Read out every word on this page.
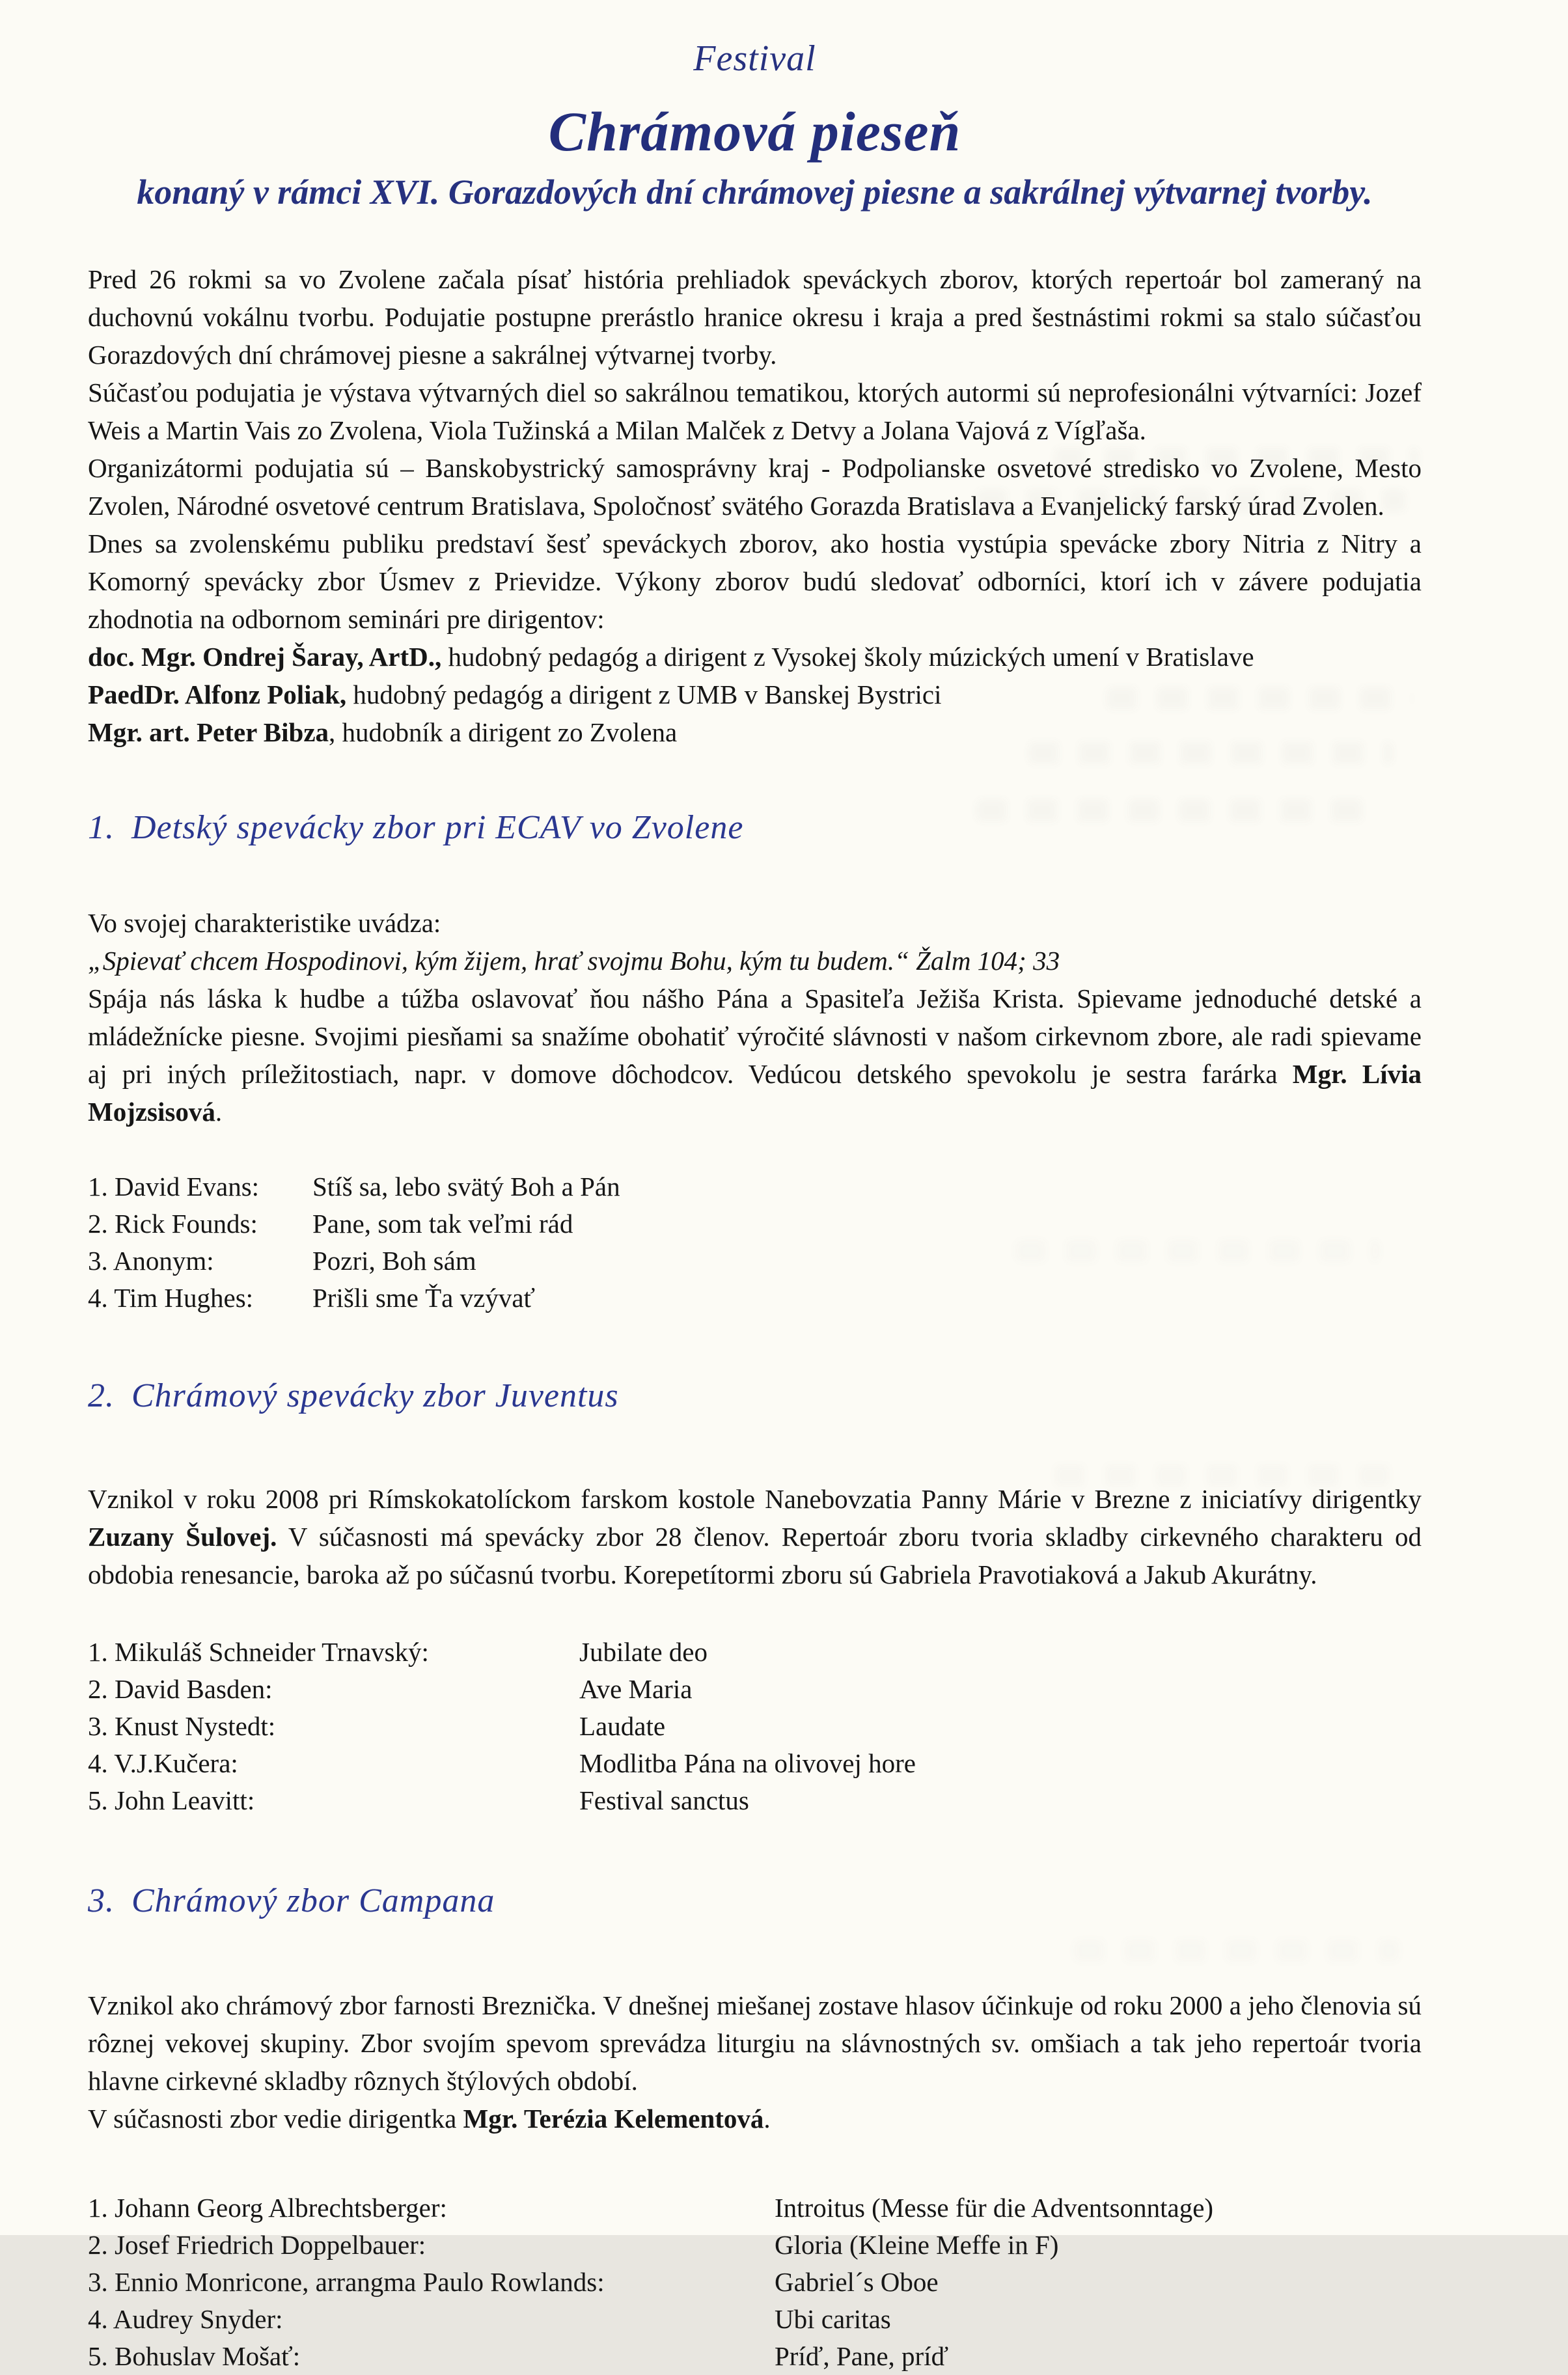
Festival
Chrámová pieseň
konaný v rámci XVI. Gorazdových dní chrámovej piesne a sakrálnej výtvarnej tvorby.

Pred 26 rokmi sa vo Zvolene začala písať história prehliadok speváckych zborov, ktorých repertoár bol zameraný na duchovnú vokálnu tvorbu. Podujatie postupne prerástlo hranice okresu i kraja a pred šestnástimi rokmi sa stalo súčasťou Gorazdových dní chrámovej piesne a sakrálnej výtvarnej tvorby.

Súčasťou podujatia je výstava výtvarných diel so sakrálnou tematikou, ktorých autormi sú neprofesionálni výtvarníci: Jozef Weis a Martin Vais zo Zvolena, Viola Tužinská a Milan Malček z Detvy a Jolana Vajová z Vígľaša.

Organizátormi podujatia sú – Banskobystrický samosprávny kraj - Podpolianske osvetové stredisko vo Zvolene, Mesto Zvolen, Národné osvetové centrum Bratislava, Spoločnosť svätého Gorazda Bratislava a Evanjelický farský úrad Zvolen.

Dnes sa zvolenskému publiku predstaví šesť speváckych zborov, ako hostia vystúpia spevácke zbory Nitria z Nitry a Komorný spevácky zbor Úsmev z Prievidze. Výkony zborov budú sledovať odborníci, ktorí ich v závere podujatia zhodnotia na odbornom seminári pre dirigentov:

doc. Mgr. Ondrej Šaray, ArtD., hudobný pedagóg a dirigent z Vysokej školy múzických umení v Bratislave

PaedDr. Alfonz Poliak, hudobný pedagóg a dirigent z UMB v Banskej Bystrici

Mgr. art. Peter Bibza, hudobník a dirigent zo Zvolena

1. Detský spevácky zbor pri ECAV vo Zvolene

Vo svojej charakteristike uvádza:

„Spievať chcem Hospodinovi, kým žijem, hrať svojmu Bohu, kým tu budem.“ Žalm 104; 33

Spája nás láska k hudbe a túžba oslavovať ňou nášho Pána a Spasiteľa Ježiša Krista. Spievame jednoduché detské a mládežnícke piesne. Svojimi piesňami sa snažíme obohatiť výročité slávnosti v našom cirkevnom zbore, ale radi spievame aj pri iných príležitostiach, napr. v domove dôchodcov. Vedúcou detského spevokolu je sestra farárka Mgr. Lívia Mojzsisová.

1. David Evans:	Stíš sa, lebo svätý Boh a Pán
2. Rick Founds:	Pane, som tak veľmi rád
3. Anonym:	Pozri, Boh sám
4. Tim Hughes:	Prišli sme Ťa vzývať
2. Chrámový spevácky zbor Juventus

Vznikol v roku 2008 pri Rímskokatolíckom farskom kostole Nanebovzatia Panny Márie v Brezne z iniciatívy dirigentky Zuzany Šulovej. V súčasnosti má spevácky zbor 28 členov. Repertoár zboru tvoria skladby cirkevného charakteru od obdobia renesancie, baroka až po súčasnú tvorbu. Korepetítormi zboru sú Gabriela Pravotiaková a Jakub Akurátny.

1. Mikuláš Schneider Trnavský:	Jubilate deo
2. David Basden:	Ave Maria
3. Knust Nystedt:	Laudate
4. V.J.Kučera:	Modlitba Pána na olivovej hore
5. John Leavitt:	Festival sanctus
3. Chrámový zbor Campana

Vznikol ako chrámový zbor farnosti Breznička. V dnešnej miešanej zostave hlasov účinkuje od roku 2000 a jeho členovia sú rôznej vekovej skupiny. Zbor svojím spevom sprevádza liturgiu na slávnostných sv. omšiach a tak jeho repertoár tvoria hlavne cirkevné skladby rôznych štýlových období.

V súčasnosti zbor vedie dirigentka Mgr. Terézia Kelementová.

1. Johann Georg Albrechtsberger:	Introitus (Messe für die Adventsonntage)
2. Josef Friedrich Doppelbauer:	Gloria (Kleine Meffe in F)
3. Ennio Monricone, arrangma Paulo Rowlands:	Gabriel´s Oboe
4. Audrey Snyder:	Ubi caritas
5. Bohuslav Mošať:	Príď, Pane, príď
